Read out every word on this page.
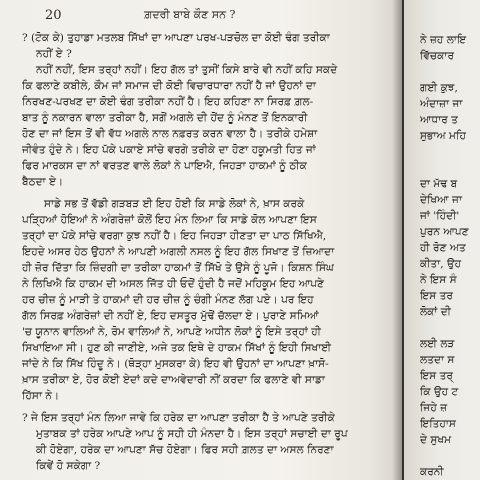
20	ਗ਼ਦਰੀ ਬਾਬੇ ਕੌਣ ਸਨ ?
? (ਟੋਕ ਕੇ) ਤੁਹਾਡਾ ਮਤਲਬ ਸਿੱਖਾਂ ਦਾ ਆਪਣਾ ਪਰਖ-ਪੜਚੋਲ ਦਾ ਕੋਈ ਢੰਗ ਤਰੀਕਾ
ਨਹੀਂ ਏ ?
ਨਹੀਂ ਨਹੀਂ, ਇਸ ਤਰ੍ਹਾਂ ਨਹੀਂ। ਇਹ ਗੱਲ ਤਾਂ ਤੁਸੀਂ ਕਿਸੇ ਬਾਰੇ ਵੀ ਨਹੀਂ ਕਹਿ ਸਕਦੇ
ਕਿ ਫਲਾਣੇ ਕਬੀਲੇ, ਕੌਮ ਜਾਂ ਸਮਾਜ ਦੀ ਕੋਈ ਵਿਚਾਰਧਾਰਾ ਨਹੀਂ ਹੈ ਜਾਂ ਉਹਨਾਂ ਦਾ
ਨਿਰਖਣ-ਪਰਖਣ ਦਾ ਕੋਈ ਢੰਗ ਤਰੀਕਾ ਨਹੀਂ ਹੈ। ਇਹ ਕਹਿਣਾ ਨਾ ਸਿਰਫ਼ ਗ਼ਲ-
ਬਾਤ ਨੂੰ ਨਕਾਰਨ ਵਾਲਾ ਤਰੀਕਾ ਹੈ, ਸਗੋਂ ਅਗਲੇ ਦੀ ਹੋਂਦ ਨੂੰ ਮੰਨਣ ਤੋਂ ਇਨਕਾਰੀ
ਹੋਣ ਦਾ ਜਾਂ ਇਸ ਤੋਂ ਵੀ ਵੱਧ ਅਗਲੇ ਨਾਲ ਨਫ਼ਰਤ ਕਰਨ ਵਾਲਾ ਹੈ। ਤਰੀਕੇ ਹਮੇਸ਼ਾ
ਜੀਵੰਤ ਹੁੰਦੇ ਨੇ। ਇਹ ਪੱਕੇ ਪਕਾਏ ਸਾਂਚੇ ਵਰਗੇ ਤਰੀਕੇ ਦਾ ਹੋਣਾ ਹਕੂਮਤੀ ਹਿਤ ਜਾਂ
ਫਿਰ ਮਾਰਕਸ ਦਾ ਨਾਂ ਵਰਤਣ ਵਾਲੇ ਲੋਕਾਂ ਨੇ ਪਾਇਐ, ਜਿਹੜਾ ਹਾਕਮਾਂ ਨੂੰ ਠੀਕ
ਬੈਠਦਾ ਏ।
ਸਾਡੇ ਸਭ ਤੋਂ ਵੱਡੀ ਗੜਬੜ ਈ ਇਹ ਹੋਈ ਕਿ ਸਾਡੇ ਲੋਕਾਂ ਨੇ, ਖ਼ਾਸ ਕਰਕੇ
ਪੜ੍ਹਿਆਂ ਹੋਇਆਂ ਨੇ ਅੰਗਰੇਜ਼ਾਂ ਕੋਲੋਂ ਇਹ ਮੰਨ ਲਿਆ ਕਿ ਸਾਡੇ ਕੋਲ ਆਪਣਾ ਇਸ
ਤਰ੍ਹਾਂ ਦਾ ਪੱਕੇ ਸਾਂਚੇ ਵਰਗਾ ਕੁਝ ਨਹੀਂ ਹੈ। ਇਹ ਜਿਹੜਾ ਹੀਣਤਾ ਦਾ ਪਾਠ ਸਿੱਖਿਐ,
ਇਹਦੇ ਅਸਰ ਹੇਠ ਉਹਨਾਂ ਨੇ ਆਪਣੀ ਅਗਲੀ ਨਸਲ ਨੂੰ ਇਹ ਗੱਲ ਸਿਖਾਣ ਤੋਂ ਜ਼ਿਆਦਾ
ਹੀ ਜ਼ੋਰ ਦਿੱਤਾ ਕਿ ਜ਼ਿੰਦਗੀ ਦਾ ਤਰੀਕਾ ਹਾਕਮਾਂ ਤੋਂ ਸਿੱਖੋ ਤੇ ਉਸੇ ਨੂੰ ਪੂਜੋ। ਕਿਸ਼ਨ ਸਿੰਘ
ਨੇ ਲਿਖਿਐ ਕਿ ਹਾਕਮ ਦੀ ਅਸਲ ਜਿੱਤ ਹੀ ਓਦੋਂ ਹੁੰਦੀ ਹੈ ਜਦੋਂ ਮਹਿਕੂਮ ਇਹ ਆਪਣੇ
ਹਰ ਚੀਜ਼ ਨੂੰ ਮਾੜੀ ਤੇ ਹਾਕਮਾਂ ਦੀ ਹਰ ਚੀਜ਼ ਨੂੰ ਚੰਗੀ ਮੰਨਣ ਲੱਗ ਪਏ। ਪਰ ਇਹ
ਗੱਲ ਸਿਰਫ਼ ਅੰਗਰੇਜ਼ਾਂ ਦੀ ਨਹੀਂ ਏ, ਇਹ ਦਸਤੂਰ ਮੁੱਢੋਂ ਚੱਲਦਾ ਏ। ਪੁਰਾਣੇ ਸਮਿਆਂ
'ਚ ਯੂਨਾਨ ਵਾਲਿਆਂ ਨੇ, ਰੋਮ ਵਾਲਿਆਂ ਨੇ, ਆਪਣੇ ਅਧੀਨ ਲੋਕਾਂ ਨੂੰ ਇਸੇ ਤਰ੍ਹਾਂ ਹੀ
ਸਿਖਾਇਆ ਸੀ। ਹੁਣ ਕੀ ਜਾਣੀਏ, ਅਜੇ ਤਕ ਇਥੇ ਦੇ ਹਾਕਮ ਸਿੱਖਾਂ ਨੂੰ ਇਹੀ ਸਿਖਾਈ
ਜਾਂਦੇ ਨੇ ਕਿ ਸਿੱਖ ਹਿੰਦੂ ਨੇ। (ਥੋੜ੍ਹਾ ਮੁਸਕਰਾ ਕੇ) ਇਹ ਵੀ ਉਹਨਾਂ ਦਾ ਆਪਣਾ ਖ਼ਾਸੋ-
ਖ਼ਾਸ ਤਰੀਕਾ ਏ, ਹੋਰ ਕੋਈ ਏਦਾਂ ਕਦੇ ਦਾਅਵੇਦਾਰੀ ਨੀਂ ਕਰਦਾ ਕਿ ਫਲਾਣੇ ਵੀ ਸਾਡਾ
ਹਿੱਸਾ ਨੇ।
? ਜੇ ਇਸ ਤਰ੍ਹਾਂ ਮੰਨ ਲਿਆ ਜਾਵੇ ਕਿ ਹਰੇਕ ਦਾ ਆਪਣਾ ਤਰੀਕਾ ਹੈ ਤੇ ਆਪਣੇ ਤਰੀਕੇ
ਮੁਤਾਬਕ ਤਾਂ ਹਰੇਕ ਆਪਣੇ ਆਪ ਨੂੰ ਸਹੀ ਹੀ ਮੰਨਦਾ ਹੈ। ਇਸ ਤਰ੍ਹਾਂ ਸਚਾਈ ਦਾ ਰੂਪ
ਕੀ ਹੋਏਗਾ, ਹਰੇਕ ਦਾ ਆਪਣਾ ਸੱਚ ਹੋਏਗਾ। ਫਿਰ ਸਹੀ ਗ਼ਲਤ ਦਾ ਅਸਲ ਨਿਰਣਾ
ਕਿਵੇਂ ਹੋ ਸਕੇਗਾ ?
ਨੇ ਜ਼ਹ ਲਾਇ
ਵਿੱਚਕਾਰ
ਗਈ ਕੁਝ,
ਅੰਦਾਜ਼ਾ ਜਾ
ਆਧਾਰ ਤ
ਸੁਭਾਅ ਮਹਿ
ਦਾ ਮੱਢ ਬ
ਦੇਖਿਆ ਜਾ
ਜਾਂ 'ਹਿੰਦੀ'
ਪੁਰਨ ਆਪਣ
ਹੀ ਰੋਣ ਅਤ
ਕੀਤਾ, ਉਹ
ਨੇ ਇਸ ਸੰ
ਇਸ ਤਰ
ਲੋਕਾਂ ਦੀ
ਲਈ ਲੜ
ਲਤਦਾ ਸ
ਇਸ ਤਰ੍
ਕਿ ਉਹ ਟ
ਜਿਹੇ ਜ਼
ਇਤਿਹਾਸ
ਦੇ ਸੁਖਮ
ਕਰਨੀ
